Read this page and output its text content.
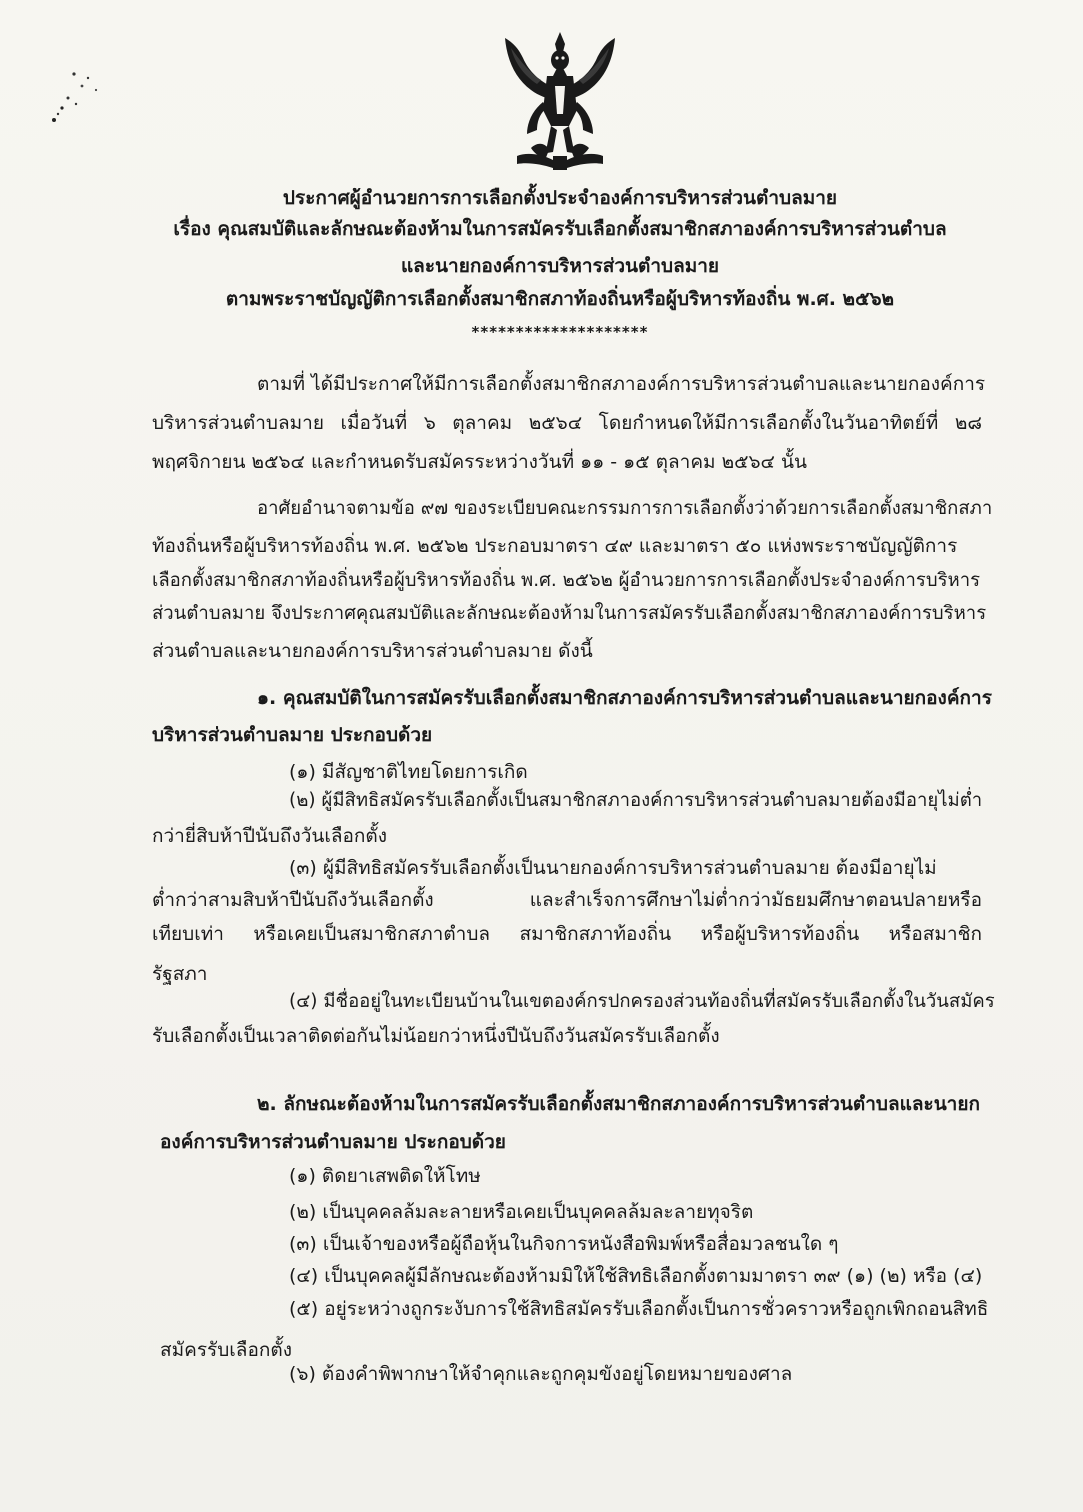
ประกาศผู้อำนวยการการเลือกตั้งประจำองค์การบริหารส่วนตำบลมาย
เรื่อง คุณสมบัติและลักษณะต้องห้ามในการสมัครรับเลือกตั้งสมาชิกสภาองค์การบริหารส่วนตำบล
และนายกองค์การบริหารส่วนตำบลมาย
ตามพระราชบัญญัติการเลือกตั้งสมาชิกสภาท้องถิ่นหรือผู้บริหารท้องถิ่น พ.ศ. ๒๕๖๒
********************
ตามที่ ได้มีประกาศให้มีการเลือกตั้งสมาชิกสภาองค์การบริหารส่วนตำบลและนายกองค์การ
บริหารส่วนตำบลมาย เมื่อวันที่ ๖ ตุลาคม ๒๕๖๔ โดยกำหนดให้มีการเลือกตั้งในวันอาทิตย์ที่ ๒๘
พฤศจิกายน ๒๕๖๔ และกำหนดรับสมัครระหว่างวันที่ ๑๑ - ๑๕ ตุลาคม ๒๕๖๔ นั้น
อาศัยอำนาจตามข้อ ๙๗ ของระเบียบคณะกรรมการการเลือกตั้งว่าด้วยการเลือกตั้งสมาชิกสภา
ท้องถิ่นหรือผู้บริหารท้องถิ่น พ.ศ. ๒๕๖๒ ประกอบมาตรา ๔๙ และมาตรา ๕๐ แห่งพระราชบัญญัติการ
เลือกตั้งสมาชิกสภาท้องถิ่นหรือผู้บริหารท้องถิ่น พ.ศ. ๒๕๖๒ ผู้อำนวยการการเลือกตั้งประจำองค์การบริหาร
ส่วนตำบลมาย จึงประกาศคุณสมบัติและลักษณะต้องห้ามในการสมัครรับเลือกตั้งสมาชิกสภาองค์การบริหาร
ส่วนตำบลและนายกองค์การบริหารส่วนตำบลมาย ดังนี้
๑. คุณสมบัติในการสมัครรับเลือกตั้งสมาชิกสภาองค์การบริหารส่วนตำบลและนายกองค์การ
บริหารส่วนตำบลมาย ประกอบด้วย
(๑) มีสัญชาติไทยโดยการเกิด
(๒) ผู้มีสิทธิสมัครรับเลือกตั้งเป็นสมาชิกสภาองค์การบริหารส่วนตำบลมายต้องมีอายุไม่ต่ำ
กว่ายี่สิบห้าปีนับถึงวันเลือกตั้ง
(๓) ผู้มีสิทธิสมัครรับเลือกตั้งเป็นนายกองค์การบริหารส่วนตำบลมาย ต้องมีอายุไม่
ต่ำกว่าสามสิบห้าปีนับถึงวันเลือกตั้ง และสำเร็จการศึกษาไม่ต่ำกว่ามัธยมศึกษาตอนปลายหรือ
เทียบเท่า หรือเคยเป็นสมาชิกสภาตำบล สมาชิกสภาท้องถิ่น หรือผู้บริหารท้องถิ่น หรือสมาชิก
รัฐสภา
(๔) มีชื่ออยู่ในทะเบียนบ้านในเขตองค์กรปกครองส่วนท้องถิ่นที่สมัครรับเลือกตั้งในวันสมัคร
รับเลือกตั้งเป็นเวลาติดต่อกันไม่น้อยกว่าหนึ่งปีนับถึงวันสมัครรับเลือกตั้ง
๒. ลักษณะต้องห้ามในการสมัครรับเลือกตั้งสมาชิกสภาองค์การบริหารส่วนตำบลและนายก
องค์การบริหารส่วนตำบลมาย ประกอบด้วย
(๑) ติดยาเสพติดให้โทษ
(๒) เป็นบุคคลล้มละลายหรือเคยเป็นบุคคลล้มละลายทุจริต
(๓) เป็นเจ้าของหรือผู้ถือหุ้นในกิจการหนังสือพิมพ์หรือสื่อมวลชนใด ๆ
(๔) เป็นบุคคลผู้มีลักษณะต้องห้ามมิให้ใช้สิทธิเลือกตั้งตามมาตรา ๓๙ (๑) (๒) หรือ (๔)
(๕) อยู่ระหว่างถูกระงับการใช้สิทธิสมัครรับเลือกตั้งเป็นการชั่วคราวหรือถูกเพิกถอนสิทธิ
สมัครรับเลือกตั้ง
(๖) ต้องคำพิพากษาให้จำคุกและถูกคุมขังอยู่โดยหมายของศาล
